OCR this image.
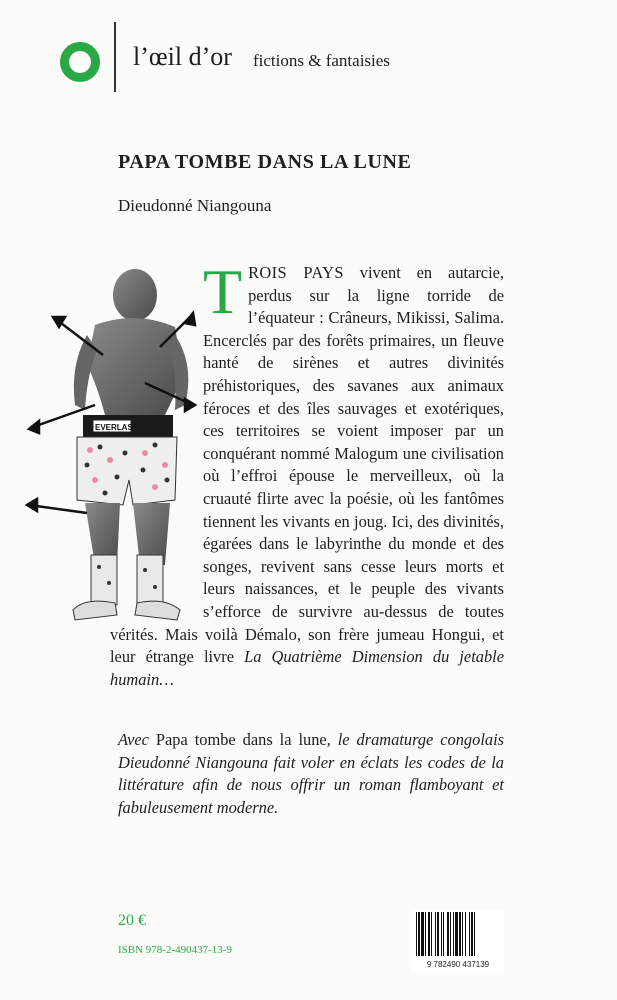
l’œil d’or fictions & fantaisies
PAPA TOMBE DANS LA LUNE
Dieudonné Niangouna
EVERLAST
T ROIS PAYS vivent en autarcie, perdus sur la ligne torride de l’équateur : Crâneurs, Mikissi, Salima. Encerclés par des forêts primaires, un fleuve hanté de sirènes et autres divinités préhistoriques, des savanes aux animaux féroces et des îles sauvages et exotériques, ces territoires se voient imposer par un conquérant nommé Malogum une civilisation où l’effroi épouse le merveilleux, où la cruauté flirte avec la poésie, où les fantômes tiennent les vivants en joug. Ici, des divinités, égarées dans le labyrinthe du monde et des songes, revivent sans cesse leurs morts et leurs naissances, et le peuple des vivants s’efforce de survivre au-dessus de toutes vérités. Mais voilà Démalo, son frère jumeau Hongui, et leur étrange livre La Quatrième Dimension du jetable humain…
Avec Papa tombe dans la lune, le dramaturge congolais Dieudonné Niangouna fait voler en éclats les codes de la littérature afin de nous offrir un roman flamboyant et fabuleusement moderne.
20 €
ISBN 978-2-490437-13-9
9 782490 437139
